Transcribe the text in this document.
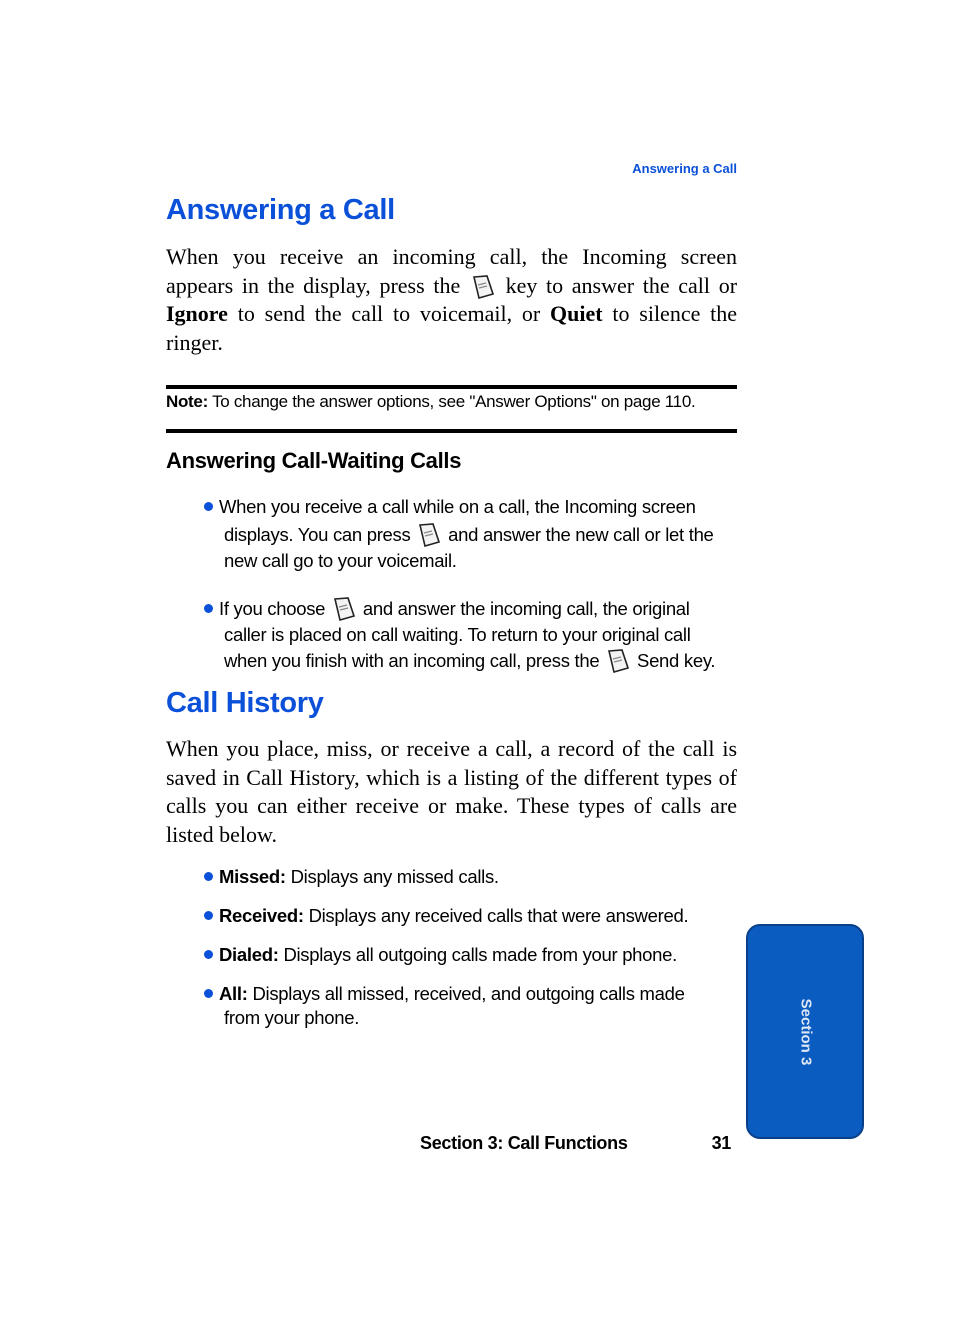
Answering a Call
Answering a Call

When you receive an incoming call, the Incoming screen appears in the display, press the key to answer the call or Ignore to send the call to voicemail, or Quiet to silence the ringer.

Note: To change the answer options, see "Answer Options" on page 110.
Answering Call-Waiting Calls
When you receive a call while on a call, the Incoming screen
displays. You can press and answer the new call or let the
new call go to your voicemail.
If you choose and answer the incoming call, the original
caller is placed on call waiting. To return to your original call
when you finish with an incoming call, press the Send key.
Call History

When you place, miss, or receive a call, a record of the call is saved in Call History, which is a listing of the different types of calls you can either receive or make. These types of calls are listed below.

Missed: Displays any missed calls.
Received: Displays any received calls that were answered.
Dialed: Displays all outgoing calls made from your phone.
All: Displays all missed, received, and outgoing calls made
from your phone.	Section 3
Section 3: Call Functions	31
